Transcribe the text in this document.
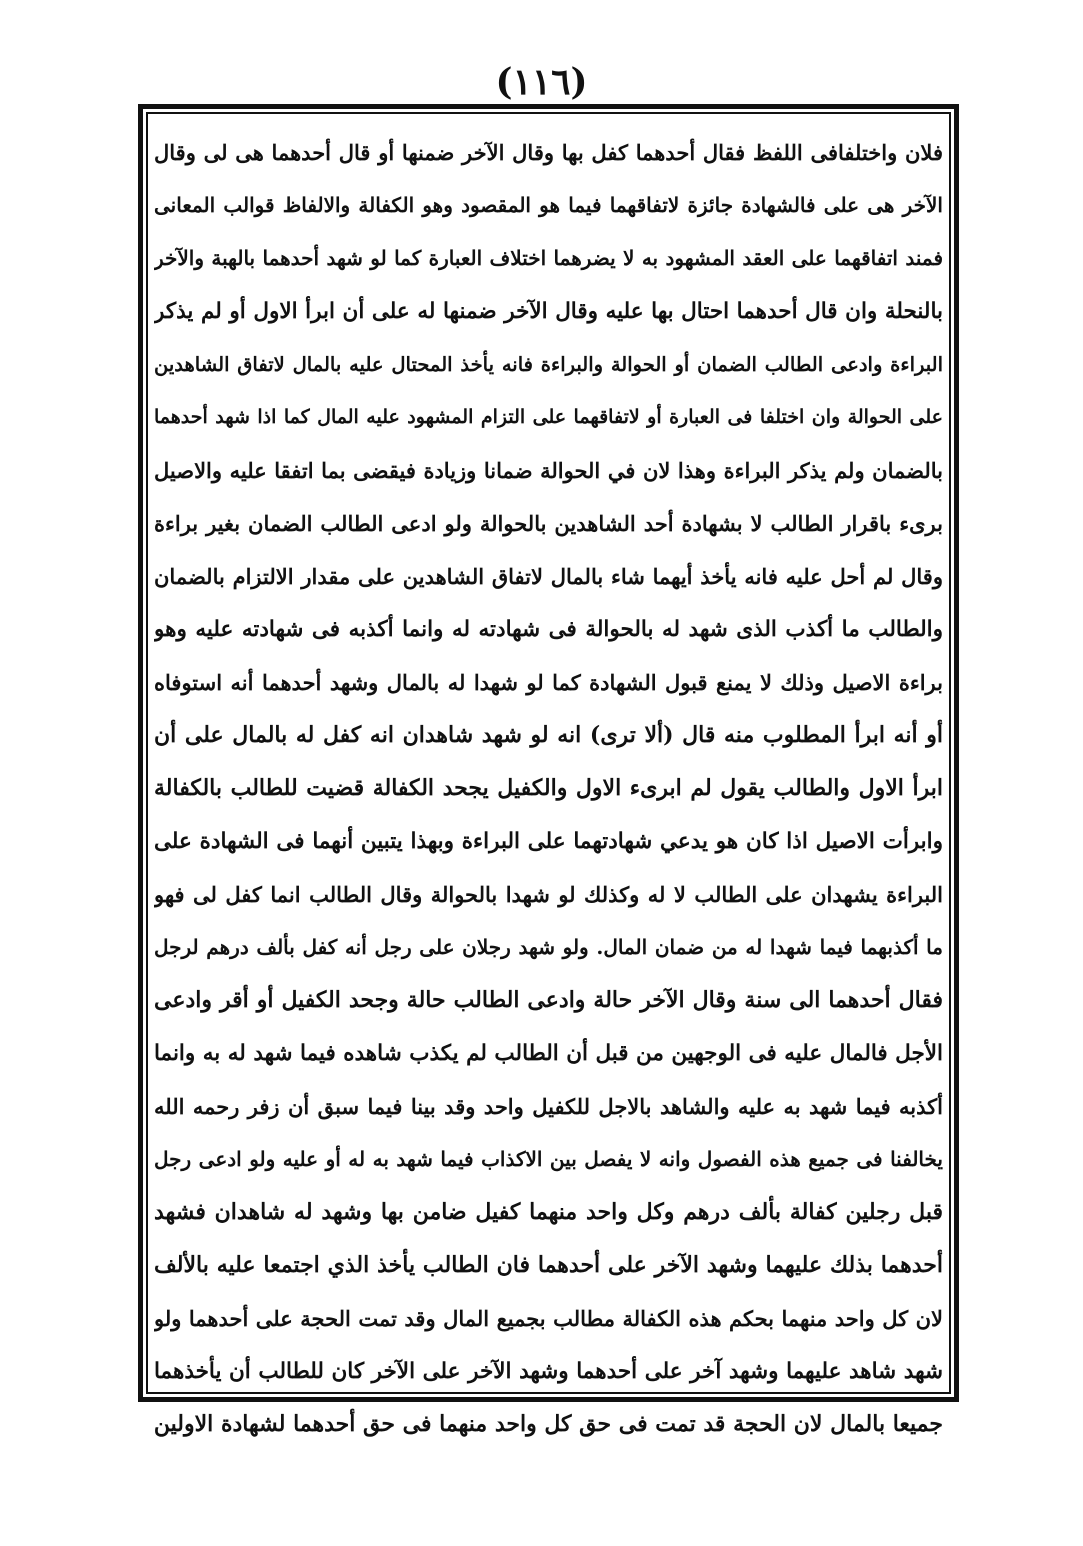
(١١٦)
فلان واختلفافى اللفظ فقال أحدهما كفل بها وقال الآخر ضمنها أو قال أحدهما هى لى وقال
الآخر هى على فالشهادة جائزة لاتفاقهما فيما هو المقصود وهو الكفالة والالفاظ قوالب المعانى
فمند اتفاقهما على العقد المشهود به لا يضرهما اختلاف العبارة كما لو شهد أحدهما بالهبة والآخر
بالنحلة وان قال أحدهما احتال بها عليه وقال الآخر ضمنها له على أن ابرأ الاول أو لم يذكر
البراءة وادعى الطالب الضمان أو الحوالة والبراءة فانه يأخذ المحتال عليه بالمال لاتفاق الشاهدين
على الحوالة وان اختلفا فى العبارة أو لاتفاقهما على التزام المشهود عليه المال كما اذا شهد أحدهما
بالضمان ولم يذكر البراءة وهذا لان في الحوالة ضمانا وزيادة فيقضى بما اتفقا عليه والاصيل
برىء باقرار الطالب لا بشهادة أحد الشاهدين بالحوالة ولو ادعى الطالب الضمان بغير براءة
وقال لم أحل عليه فانه يأخذ أيهما شاء بالمال لاتفاق الشاهدين على مقدار الالتزام بالضمان
والطالب ما أكذب الذى شهد له بالحوالة فى شهادته له وانما أكذبه فى شهادته عليه وهو
براءة الاصيل وذلك لا يمنع قبول الشهادة كما لو شهدا له بالمال وشهد أحدهما أنه استوفاه
أو أنه ابرأ المطلوب منه قال (ألا ترى) انه لو شهد شاهدان انه كفل له بالمال على أن
ابرأ الاول والطالب يقول لم ابرىء الاول والكفيل يجحد الكفالة قضيت للطالب بالكفالة
وابرأت الاصيل اذا كان هو يدعي شهادتهما على البراءة وبهذا يتبين أنهما فى الشهادة على
البراءة يشهدان على الطالب لا له وكذلك لو شهدا بالحوالة وقال الطالب انما كفل لى فهو
ما أكذبهما فيما شهدا له من ضمان المال. ولو شهد رجلان على رجل أنه كفل بألف درهم لرجل
فقال أحدهما الى سنة وقال الآخر حالة وادعى الطالب حالة وجحد الكفيل أو أقر وادعى
الأجل فالمال عليه فى الوجهين من قبل أن الطالب لم يكذب شاهده فيما شهد له به وانما
أكذبه فيما شهد به عليه والشاهد بالاجل للكفيل واحد وقد بينا فيما سبق أن زفر رحمه الله
يخالفنا فى جميع هذه الفصول وانه لا يفصل بين الاكذاب فيما شهد به له أو عليه ولو ادعى رجل
قبل رجلين كفالة بألف درهم وكل واحد منهما كفيل ضامن بها وشهد له شاهدان فشهد
أحدهما بذلك عليهما وشهد الآخر على أحدهما فان الطالب يأخذ الذي اجتمعا عليه بالألف
لان كل واحد منهما بحكم هذه الكفالة مطالب بجميع المال وقد تمت الحجة على أحدهما ولو
شهد شاهد عليهما وشهد آخر على أحدهما وشهد الآخر على الآخر كان للطالب أن يأخذهما
جميعا بالمال لان الحجة قد تمت فى حق كل واحد منهما فى حق أحدهما لشهادة الاولين
